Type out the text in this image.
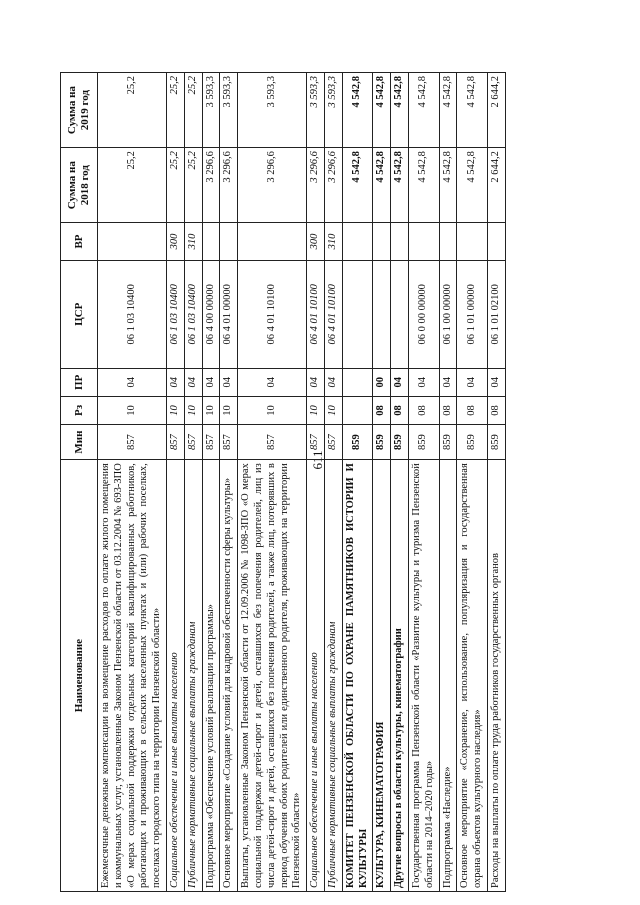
611
Наименование	Мин	Рз	ПР	ЦСР	ВР	Сумма на 2018 год	Сумма на 2019 год
Ежемесячные денежные компенсации на возмещение расходов по оплате жилого помещения и коммунальных услуг, установленные Законом Пензенской области от 03.12.2004 № 693-ЗПО «О мерах социальной поддержки отдельных категорий квалифицированных работников, работающих и проживающих в сельских населенных пунктах и (или) рабочих поселках, поселках городского типа на территории Пензенской области»	857	10	04	06 1 03 10400		25,2	25,2
Социальное обеспечение и иные выплаты населению	857	10	04	06 1 03 10400	300	25,2	25,2
Публичные нормативные социальные выплаты гражданам	857	10	04	06 1 03 10400	310	25,2	25,2
Подпрограмма «Обеспечение условий реализации программы»	857	10	04	06 4 00 00000		3 296,6	3 593,3
Основное мероприятие «Создание условий для кадровой обеспеченности сферы культуры»	857	10	04	06 4 01 00000		3 296,6	3 593,3
Выплаты, установленные Законом Пензенской области от 12.09.2006 № 1098-ЗПО «О мерах социальной поддержки детей-сирот и детей, оставшихся без попечения родителей, лиц из числа детей-сирот и детей, оставшихся без попечения родителей, а также лиц, потерявших в период обучения обоих родителей или единственного родителя, проживающих на территории Пензенской области»	857	10	04	06 4 01 10100		3 296,6	3 593,3
Социальное обеспечение и иные выплаты населению	857	10	04	06 4 01 10100	300	3 296,6	3 593,3
Публичные нормативные социальные выплаты гражданам	857	10	04	06 4 01 10100	310	3 296,6	3 593,3
КОМИТЕТ ПЕНЗЕНСКОЙ ОБЛАСТИ ПО ОХРАНЕ ПАМЯТНИКОВ ИСТОРИИ И КУЛЬТУРЫ	859					4 542,8	4 542,8
КУЛЬТУРА, КИНЕМАТОГРАФИЯ	859	08	00			4 542,8	4 542,8
Другие вопросы в области культуры, кинематографии	859	08	04			4 542,8	4 542,8
Государственная программа Пензенской области «Развитие культуры и туризма Пензенской области на 2014–2020 годы»	859	08	04	06 0 00 00000		4 542,8	4 542,8
Подпрограмма «Наследие»	859	08	04	06 1 00 00000		4 542,8	4 542,8
Основное мероприятие «Сохранение, использование, популяризация и государственная охрана объектов культурного наследия»	859	08	04	06 1 01 00000		4 542,8	4 542,8
Расходы на выплаты по оплате труда работников государственных органов	859	08	04	06 1 01 02100		2 644,2	2 644,2
